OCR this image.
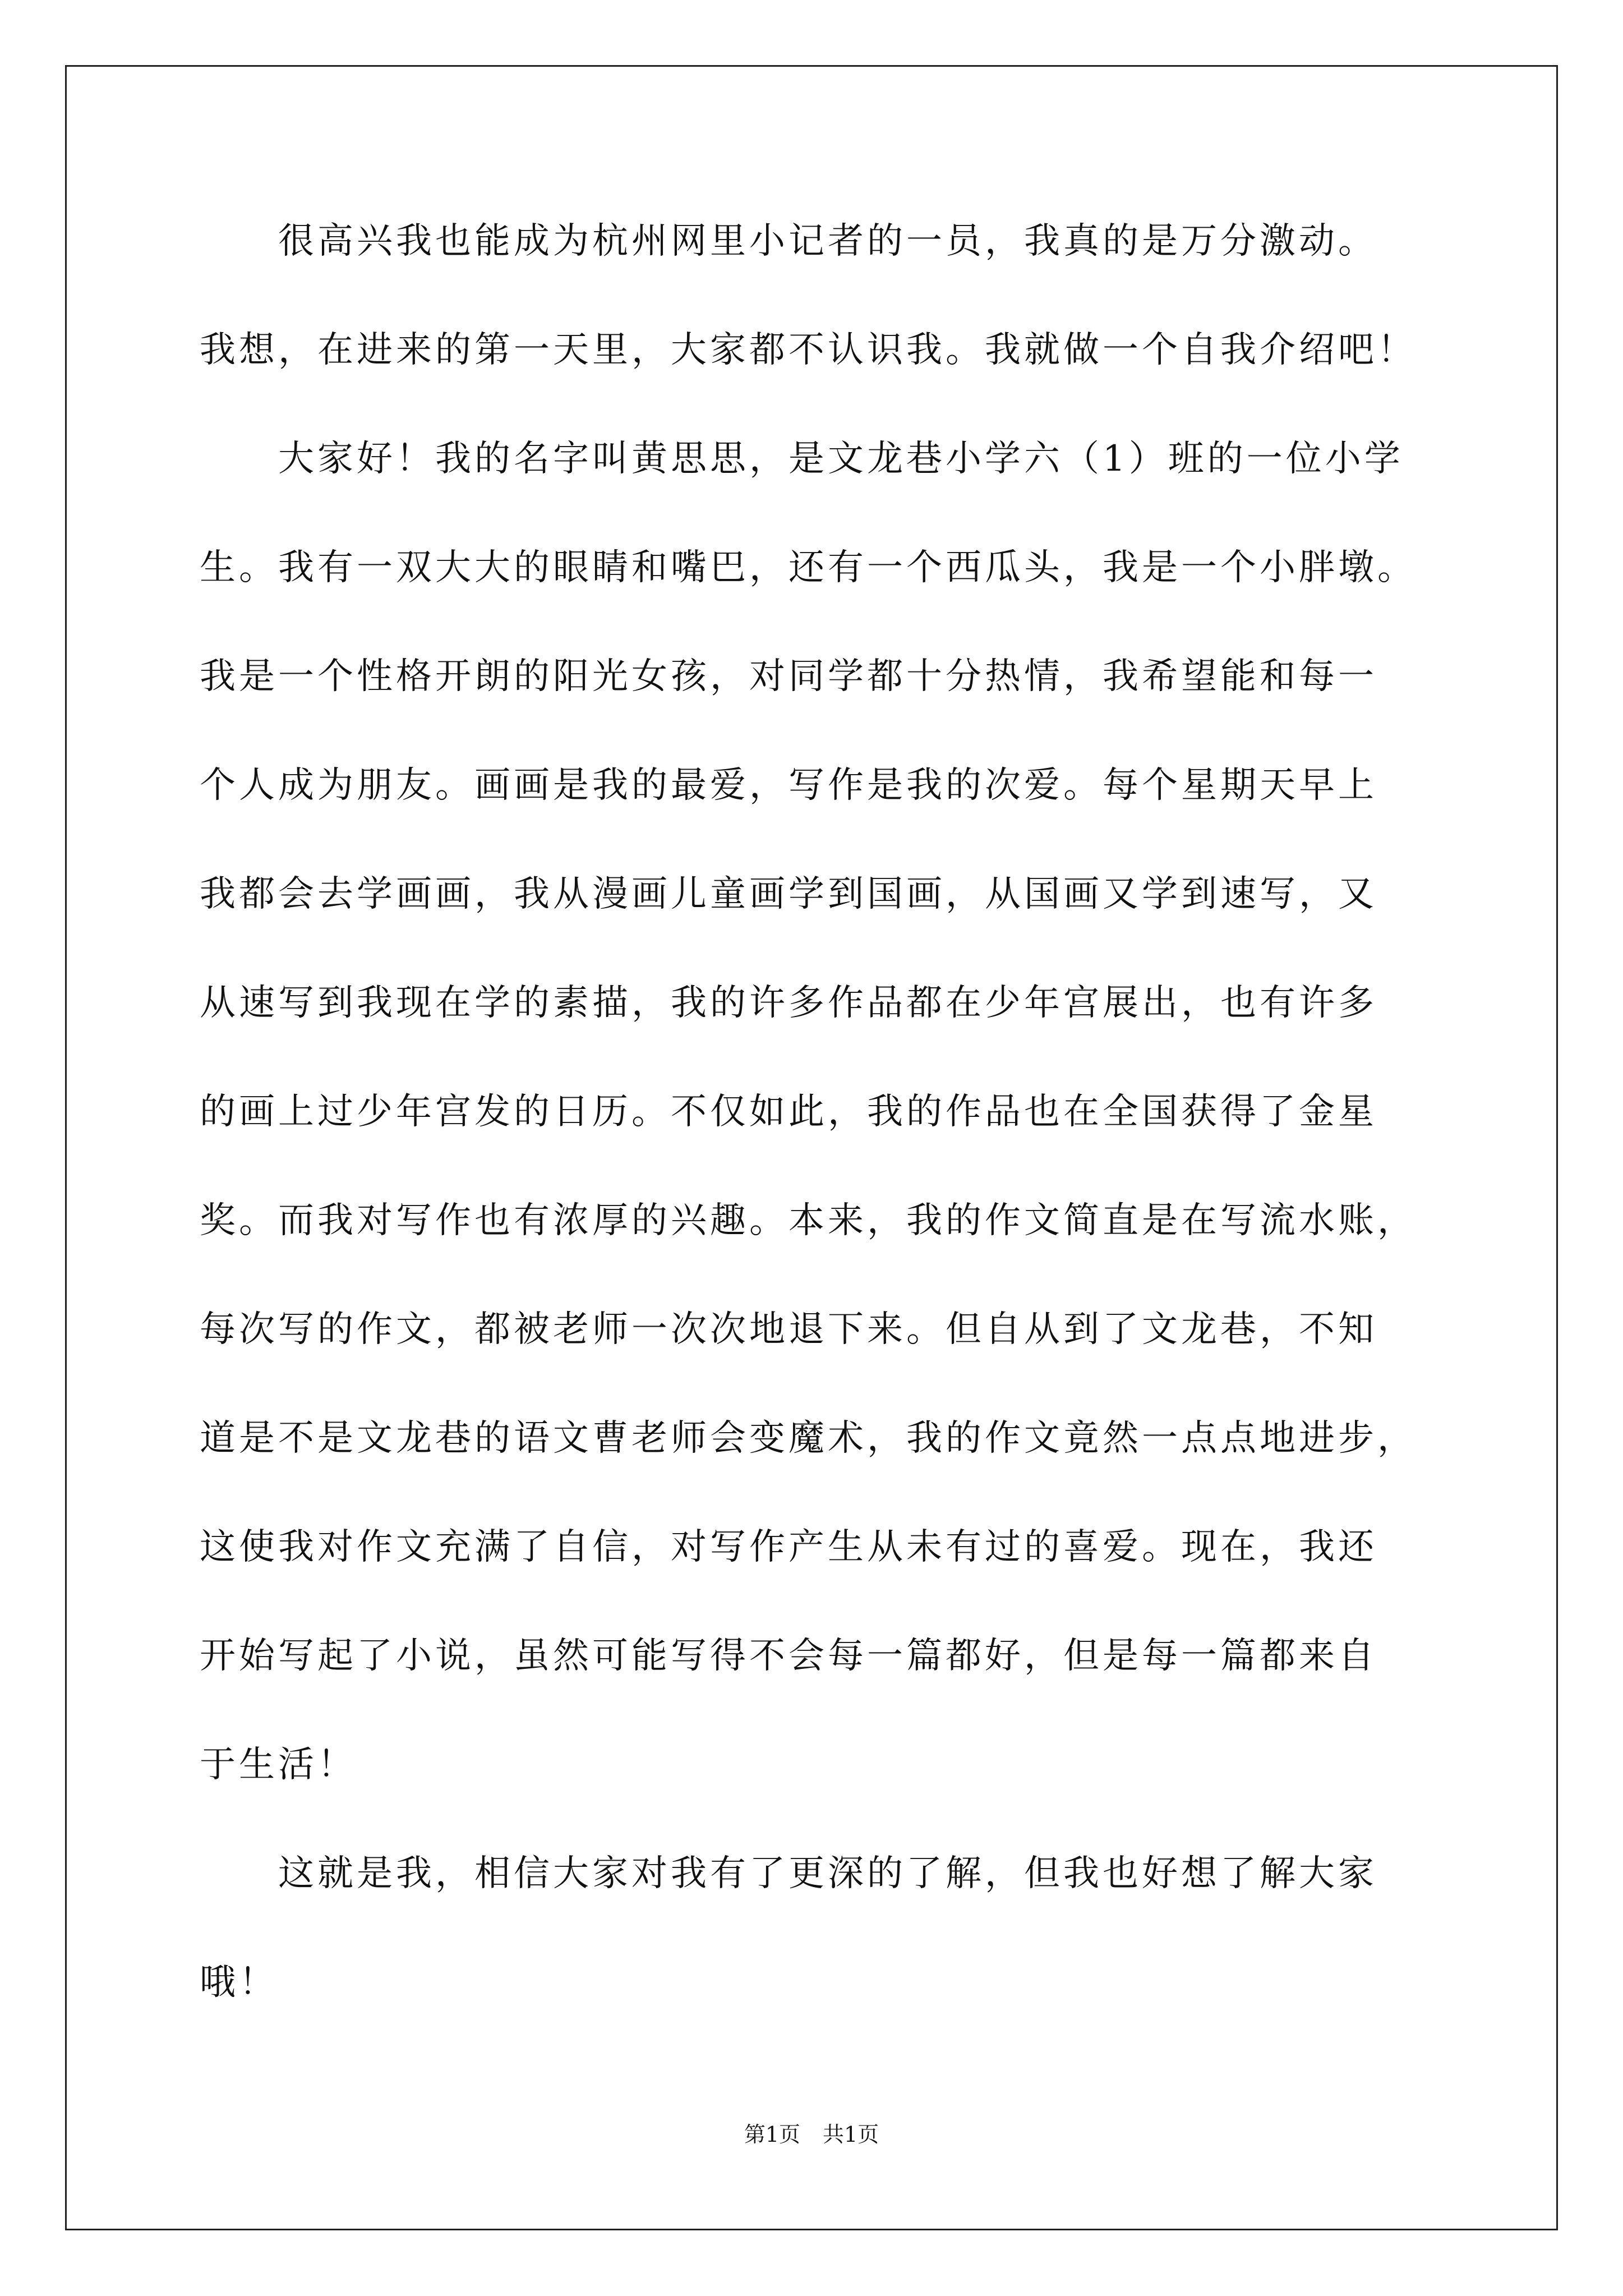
很高兴我也能成为杭州网里小记者的一员，我真的是万分激动。
我想，在进来的第一天里，大家都不认识我。我就做一个自我介绍吧！
大家好！我的名字叫黄思思，是文龙巷小学六（1）班的一位小学
生。我有一双大大的眼睛和嘴巴，还有一个西瓜头，我是一个小胖墩。
我是一个性格开朗的阳光女孩，对同学都十分热情，我希望能和每一
个人成为朋友。画画是我的最爱，写作是我的次爱。每个星期天早上
我都会去学画画，我从漫画儿童画学到国画，从国画又学到速写，又
从速写到我现在学的素描，我的许多作品都在少年宫展出，也有许多
的画上过少年宫发的日历。不仅如此，我的作品也在全国获得了金星
奖。而我对写作也有浓厚的兴趣。本来，我的作文简直是在写流水账，
每次写的作文，都被老师一次次地退下来。但自从到了文龙巷，不知
道是不是文龙巷的语文曹老师会变魔术，我的作文竟然一点点地进步，
这使我对作文充满了自信，对写作产生从未有过的喜爱。现在，我还
开始写起了小说，虽然可能写得不会每一篇都好，但是每一篇都来自
于生活！
这就是我，相信大家对我有了更深的了解，但我也好想了解大家
哦！
第1页 共1页
